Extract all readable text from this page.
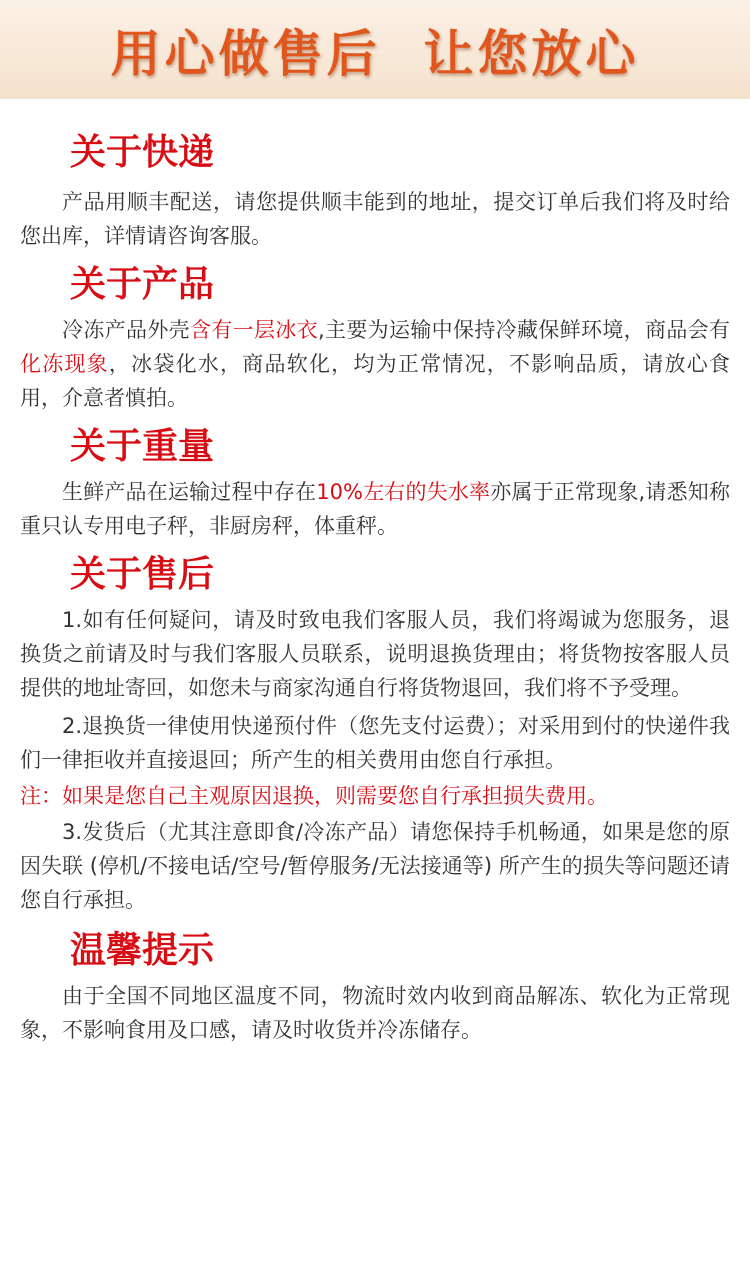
用心做售后  让您放心
关于快递
产品用顺丰配送，请您提供顺丰能到的地址，提交订单后我们将及时给您出库，详情请咨询客服。
关于产品
冷冻产品外壳含有一层冰衣,主要为运输中保持冷藏保鲜环境，商品会有化冻现象，冰袋化水，商品软化，均为正常情况，不影响品质，请放心食用，介意者慎拍。
关于重量
生鲜产品在运输过程中存在10%左右的失水率亦属于正常现象,请悉知称重只认专用电子秤，非厨房秤，体重秤。
关于售后
1.如有任何疑问，请及时致电我们客服人员，我们将竭诚为您服务，退换货之前请及时与我们客服人员联系，说明退换货理由；将货物按客服人员提供的地址寄回，如您未与商家沟通自行将货物退回，我们将不予受理。
2.退换货一律使用快递预付件（您先支付运费）；对采用到付的快递件我们一律拒收并直接退回；所产生的相关费用由您自行承担。
注：如果是您自己主观原因退换，则需要您自行承担损失费用。
3.发货后（尤其注意即食/冷冻产品）请您保持手机畅通，如果是您的原因失联 (停机/不接电话/空号/暂停服务/无法接通等) 所产生的损失等问题还请您自行承担。
温馨提示
由于全国不同地区温度不同，物流时效内收到商品解冻、软化为正常现象，不影响食用及口感，请及时收货并冷冻储存。
